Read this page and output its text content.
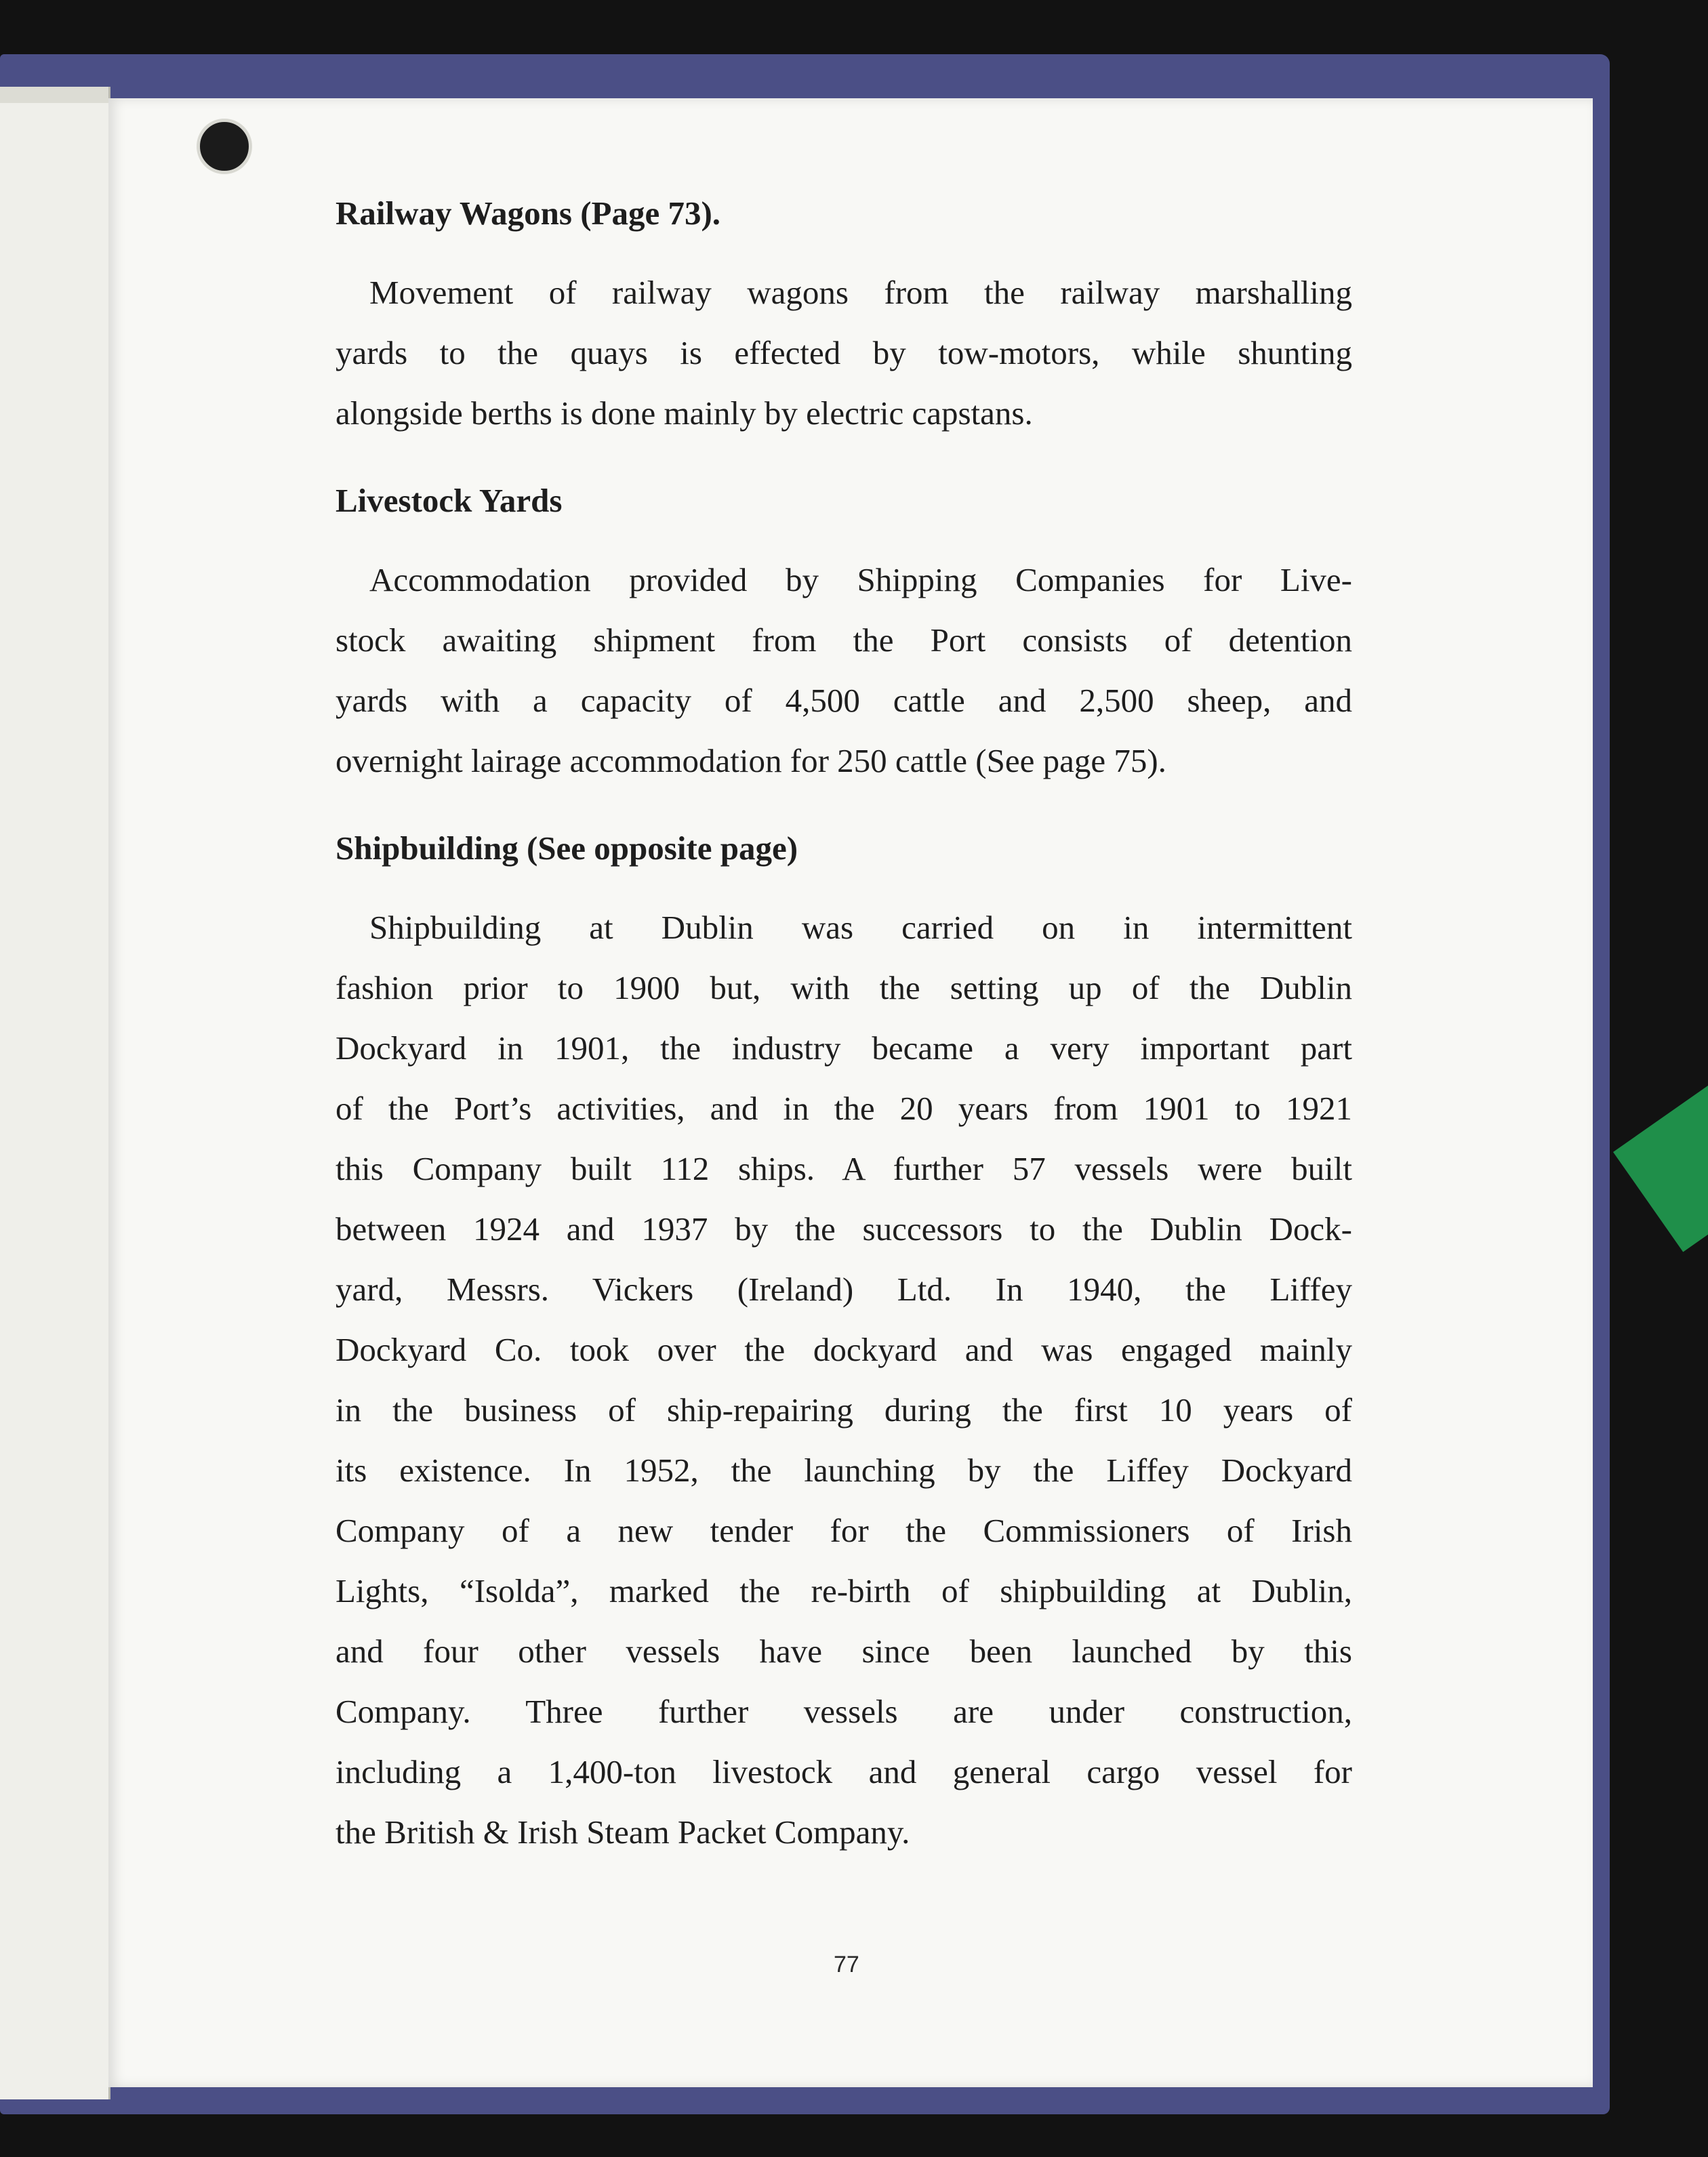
Railway Wagons (Page 73).

Movement of railway wagons from the railway marshalling
yards to the quays is effected by tow-motors, while shunting
alongside berths is done mainly by electric capstans.

Livestock Yards

Accommodation provided by Shipping Companies for Live-
stock awaiting shipment from the Port consists of detention
yards with a capacity of 4,500 cattle and 2,500 sheep, and
overnight lairage accommodation for 250 cattle (See page 75).

Shipbuilding (See opposite page)

Shipbuilding at Dublin was carried on in intermittent
fashion prior to 1900 but, with the setting up of the Dublin
Dockyard in 1901, the industry became a very important part
of the Port’s activities, and in the 20 years from 1901 to 1921
this Company built 112 ships. A further 57 vessels were built
between 1924 and 1937 by the successors to the Dublin Dock-
yard, Messrs. Vickers (Ireland) Ltd. In 1940, the Liffey
Dockyard Co. took over the dockyard and was engaged mainly
in the business of ship-repairing during the first 10 years of
its existence. In 1952, the launching by the Liffey Dockyard
Company of a new tender for the Commissioners of Irish
Lights, “Isolda”, marked the re-birth of shipbuilding at Dublin,
and four other vessels have since been launched by this
Company. Three further vessels are under construction,
including a 1,400-ton livestock and general cargo vessel for
the British & Irish Steam Packet Company.

77
